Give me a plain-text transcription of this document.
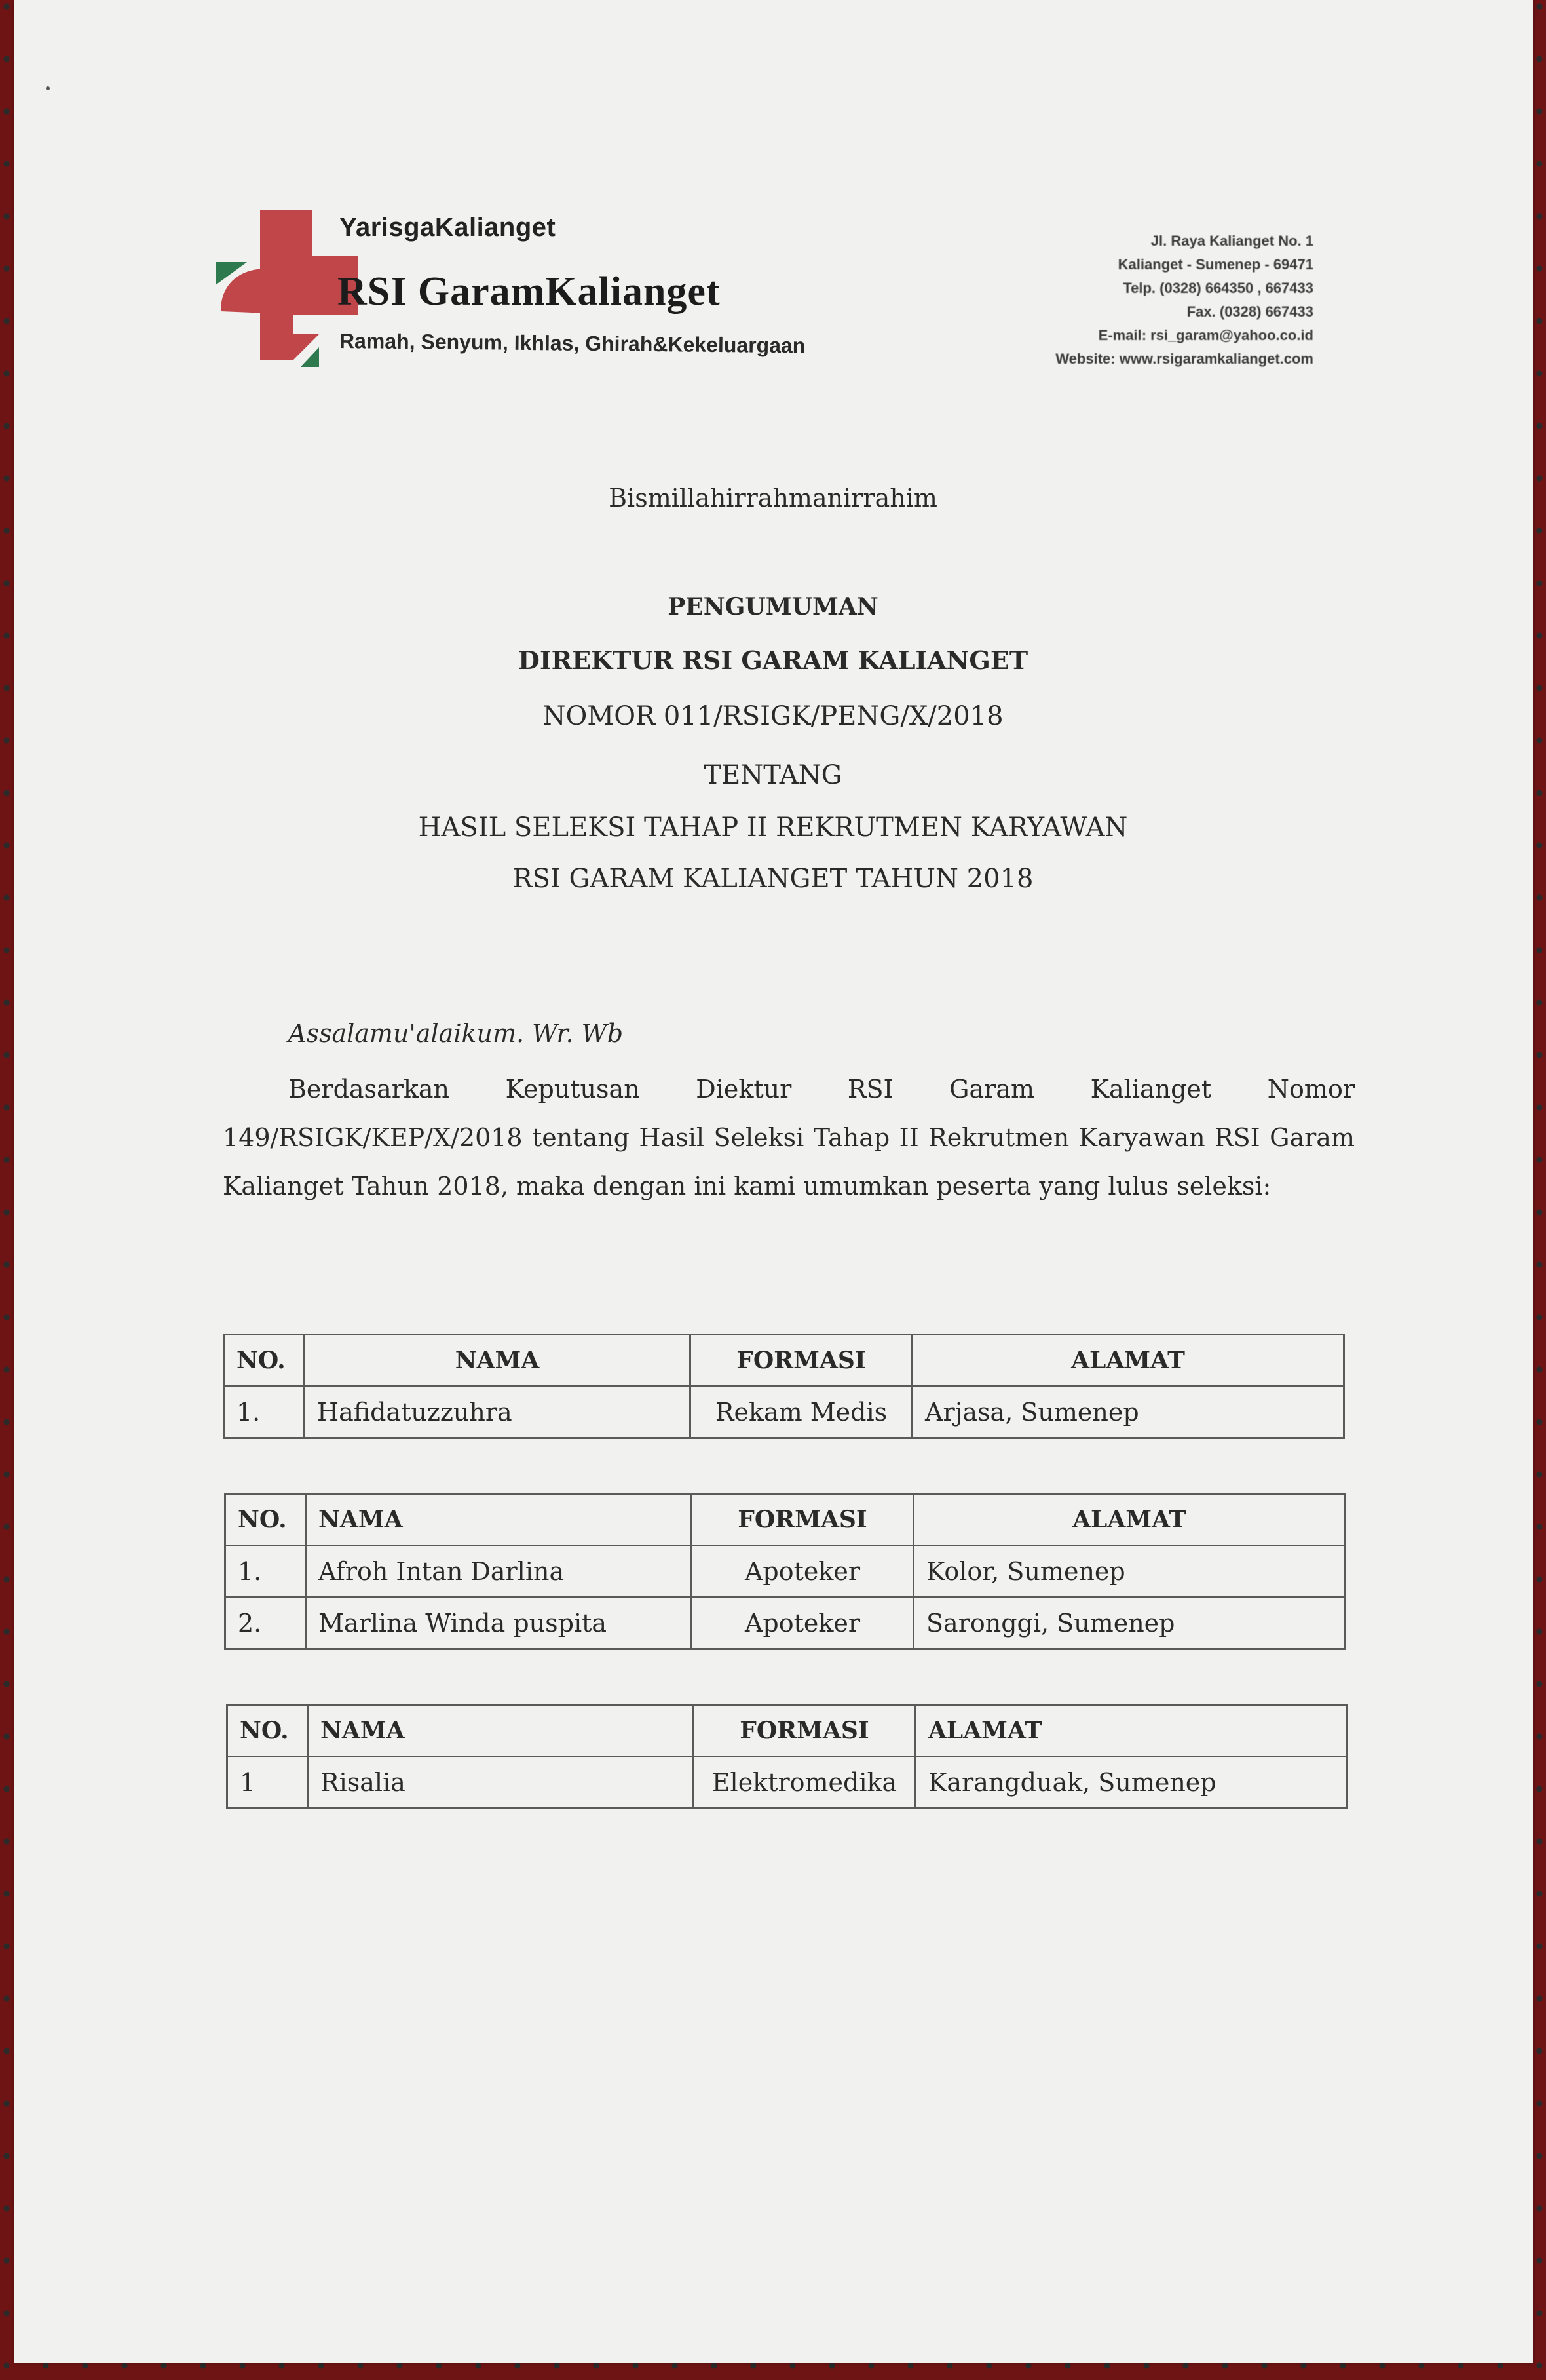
YarisgaKalianget
RSI GaramKalianget
Ramah, Senyum, Ikhlas, Ghirah&Kekeluargaan
Jl. Raya Kalianget No. 1
Kalianget - Sumenep - 69471
Telp. (0328) 664350 , 667433
Fax. (0328) 667433
E-mail: rsi_garam@yahoo.co.id
Website: www.rsigaramkalianget.com
Bismillahirrahmanirrahim
PENGUMUMAN
DIREKTUR RSI GARAM KALIANGET
NOMOR 011/RSIGK/PENG/X/2018
TENTANG
HASIL SELEKSI TAHAP II REKRUTMEN KARYAWAN
RSI GARAM KALIANGET TAHUN 2018
Assalamu'alaikum. Wr. Wb
Berdasarkan Keputusan Diektur RSI Garam Kalianget Nomor 149/RSIGK/KEP/X/2018 tentang Hasil Seleksi Tahap II Rekrutmen Karyawan RSI Garam Kalianget Tahun 2018, maka dengan ini kami umumkan peserta yang lulus seleksi:
NO.	NAMA	FORMASI	ALAMAT
1.	Hafidatuzzuhra	Rekam Medis	Arjasa, Sumenep
NO.	NAMA	FORMASI	ALAMAT
1.	Afroh Intan Darlina	Apoteker	Kolor, Sumenep
2.	Marlina Winda puspita	Apoteker	Saronggi, Sumenep
NO.	NAMA	FORMASI	ALAMAT
1	Risalia	Elektromedika	Karangduak, Sumenep
